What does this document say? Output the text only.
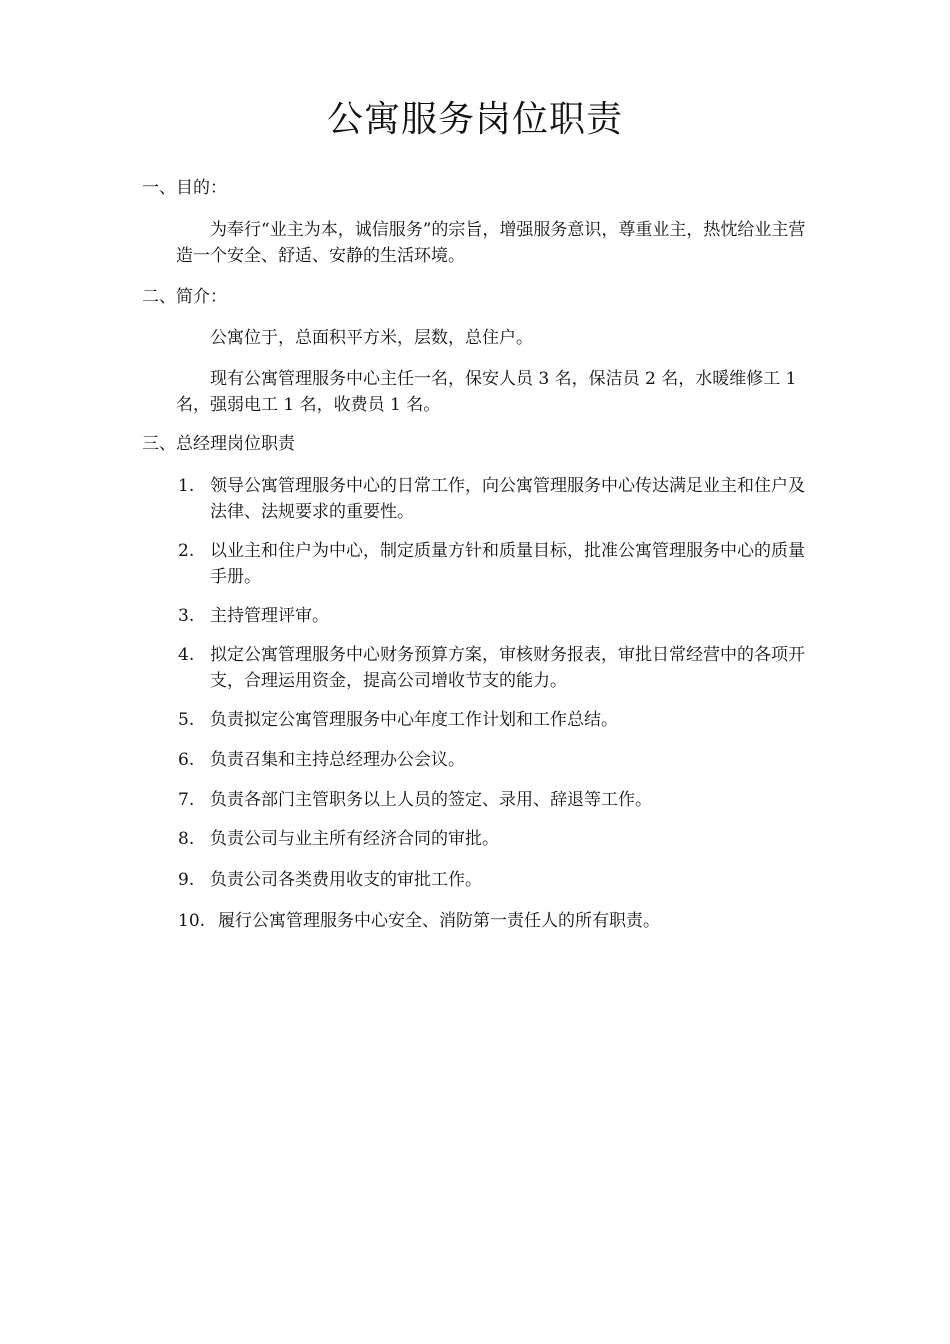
公寓服务岗位职责
一、目的：
为奉行“业主为本，诚信服务”的宗旨，增强服务意识，尊重业主，热忱给业主营造一个安全、舒适、安静的生活环境。
二、简介：
公寓位于，总面积平方米，层数，总住户。
现有公寓管理服务中心主任一名，保安人员 3 名，保洁员 2 名，水暖维修工 1 名，强弱电工 1 名，收费员 1 名。
三、总经理岗位职责
1. 领导公寓管理服务中心的日常工作，向公寓管理服务中心传达满足业主和住户及法律、法规要求的重要性。
2. 以业主和住户为中心，制定质量方针和质量目标，批准公寓管理服务中心的质量手册。
3. 主持管理评审。
4. 拟定公寓管理服务中心财务预算方案，审核财务报表，审批日常经营中的各项开支，合理运用资金，提高公司增收节支的能力。
5. 负责拟定公寓管理服务中心年度工作计划和工作总结。
6. 负责召集和主持总经理办公会议。
7. 负责各部门主管职务以上人员的签定、录用、辞退等工作。
8. 负责公司与业主所有经济合同的审批。
9. 负责公司各类费用收支的审批工作。
10. 履行公寓管理服务中心安全、消防第一责任人的所有职责。
